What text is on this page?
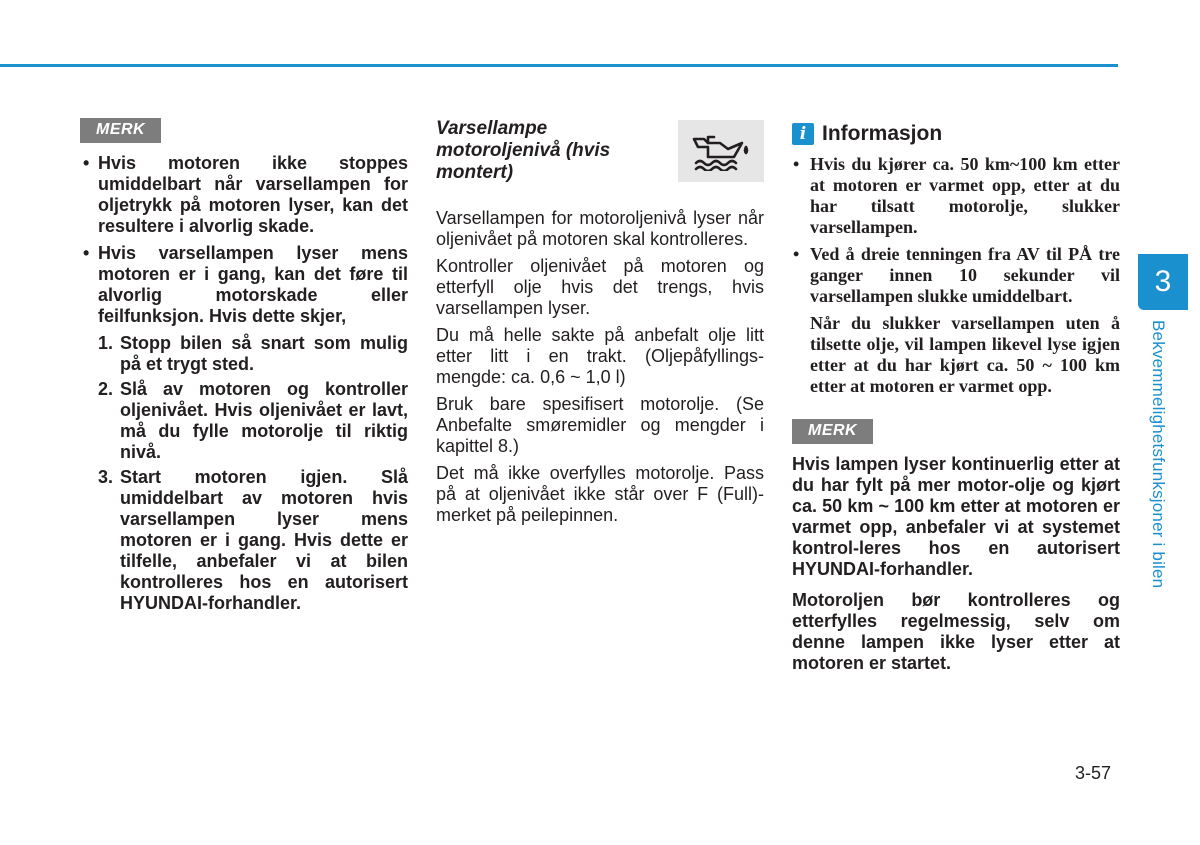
MERK
• Hvis motoren ikke stoppes umiddelbart når varsellampen for oljetrykk på motoren lyser, kan det resultere i alvorlig skade.
• Hvis varsellampen lyser mens motoren er i gang, kan det føre til alvorlig motorskade eller feilfunksjon. Hvis dette skjer,
1. Stopp bilen så snart som mulig på et trygt sted.
2. Slå av motoren og kontroller oljenivået. Hvis oljenivået er lavt, må du fylle motorolje til riktig nivå.
3. Start motoren igjen. Slå umiddelbart av motoren hvis varsellampen lyser mens motoren er i gang. Hvis dette er tilfelle, anbefaler vi at bilen kontrolleres hos en autorisert HYUNDAI-forhandler.
Varsellampe motoroljenivå (hvis montert)

Varsellampen for motoroljenivå lyser når oljenivået på motoren skal kontrolleres.

Kontroller oljenivået på motoren og etterfyll olje hvis det trengs, hvis varsellampen lyser.

Du må helle sakte på anbefalt olje litt etter litt i en trakt. (Oljepåfyllings-mengde: ca. 0,6 ~ 1,0 l)

Bruk bare spesifisert motorolje. (Se Anbefalte smøremidler og mengder i kapittel 8.)

Det må ikke overfylles motorolje. Pass på at oljenivået ikke står over F (Full)-merket på peilepinnen.

i Informasjon
• Hvis du kjører ca. 50 km~100 km etter at motoren er varmet opp, etter at du har tilsatt motorolje, slukker varsellampen.
• Ved å dreie tenningen fra AV til PÅ tre ganger innen 10 sekunder vil varsellampen slukke umiddelbart.

Når du slukker varsellampen uten å tilsette olje, vil lampen likevel lyse igjen etter at du har kjørt ca. 50 ~ 100 km etter at motoren er varmet opp.

MERK

Hvis lampen lyser kontinuerlig etter at du har fylt på mer motor-olje og kjørt ca. 50 km ~ 100 km etter at motoren er varmet opp, anbefaler vi at systemet kontrol-leres hos en autorisert HYUNDAI-forhandler.

Motoroljen bør kontrolleres og etterfylles regelmessig, selv om denne lampen ikke lyser etter at motoren er startet.

3
Bekvemmelighetsfunksjoner i bilen
3-57
